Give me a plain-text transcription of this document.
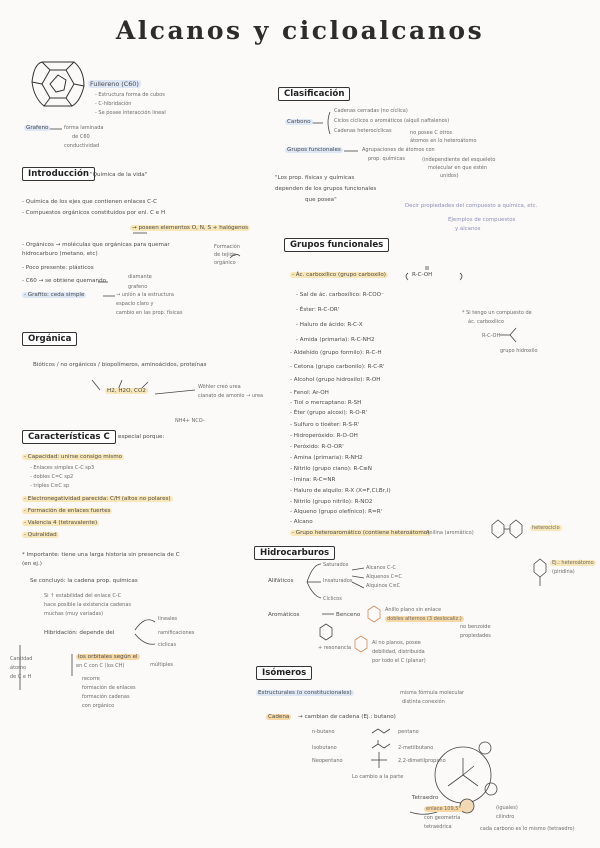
Alcanos y cicloalcanos
Fullereno (C60)
- Estructura forma de cubos
- C-hibridación
- Se posee interacción lineal
Grafeno	forma laminada
de C60
conductividad
Introducción "Química de la vida"
- Química de los ejes que contienen enlaces C-C
- Compuestos orgánicos constituidos por enl. C e H
→ poseen elementos O, N, S + halógenos
- Orgánicos → moléculas que orgánicas para quemar
hidrocarburo (metano, etc)
Formación
de tejido
orgánico
- Poco presente: plásticos
- C60 → se obtiene quemando
diamante
grafeno
- Grafito: ceda simple	→ unión a la estructura
espacio claro y
cambio en las prop. físicas
Orgánica
Bióticos / no orgánicos / biopolímeros, aminoácidos, proteínas
H2, H2O, CO2
Wöhler creó urea
cianato de amonio → urea
NH4+ NCO-
Características C	especial porque:
- Capacidad: unirse consigo mismo
- Enlaces simples C-C sp3
- dobles C=C sp2
- triples C≡C sp
- Electronegatividad parecida: C/H (altos no polares)
- Formación de enlaces fuertes
- Valencia 4 (tetravalente)
- Quiralidad
* Importante: tiene una larga historia sin presencia de C
(en ej.)
Se concluyó: la cadena prop. químicas
Si ↑ estabilidad del enlace C-C
hace posible la existencia cadenas
muchas (muy variadas)
Hibridación: depende del
los orbitales según el
en C con C (los CH)
recorre
formación de enlaces
formación cadenas
con orgánico
Cantidad
átomo
de C e H
lineales
ramificaciones
cíclicas
múltiples
Clasificación
Carbono
Cadenas cerradas (no cíclica)
Ciclos cíclicos o aromáticos (alquil naftalenos)
Cadenas heterocíclicas	no posee C otros
átomos en lo heteroátomo
Grupos funcionales	Agrupaciones de átomos con
prop. químicas	(independiente del esqueleto
molecular en que estén
unidos)
"Los prop. físicas y químicas
dependen de los grupos funcionales
que posea"
Decir propiedades del compuesto a química, etc.
Ejemplos de compuestos
y alcanos
Grupos funcionales
- Ác. carboxílico (grupo carboxilo)	R-C-OH
- Sal de ác. carboxílico: R-COO⁻
- Éster: R-C-OR'
- Haluro de ácido: R-C-X
- Amida (primaria): R-C-NH2
- Aldehído (grupo formilo): R-C-H
- Cetona (grupo carbonilo): R-C-R'
- Alcohol (grupo hidroxilo): R-OH
- Fenol: Ar-OH
- Tiol o mercaptano: R-SH
- Éter (grupo alcoxi): R-O-R'
- Sulfuro o tioéter: R-S-R'
- Hidroperóxido: R-O-OH
- Peróxido: R-O-OR'
- Amina (primaria): R-NH2
- Nitrilo (grupo ciano): R-C≡N
- Imina: R-C=NR
- Haluro de alquilo: R-X (X=F,Cl,Br,I)
- Nitrilo (grupo nitrilo): R-NO2
- Alqueno (grupo olefínico): R=R'
- Alcano
- Grupo heteroaromático (contiene heteroátomo)
Anilina (aromático)
* Si tengo un compuesto de
ác. carboxílico
R-C-OH
grupo hidroxilo
heterociclo
Ej.: heteroátomo
(piridina)
Hidrocarburos
Alifáticos
Saturados
Insaturados
Cíclicos
Alcanos C-C
Alquenos C=C
Alquinos C≡C
Aromáticos	Benceno
Anillo plano sin enlace
dobles alternos (3 deslocaliz.)
+ resonancia
no benzoide
propiedades
Al no planos, posee
debilidad, distribuida
por todo el C (planar)
Isómeros
Estructurales (o constitucionales)	misma fórmula molecular
distinta conexión
Cadena	→ cambian de cadena (Ej.: butano)
n-butano
Isobutano
Neopentano
pentano
2-metilbutano
2,2-dimetilpropano
Lo cambio a la parte
Tetraedro
enlace 109,5°
con geometría
tetraédrica	cada carbono es lo mismo (tetraedro)
(iguales)
cilindro
